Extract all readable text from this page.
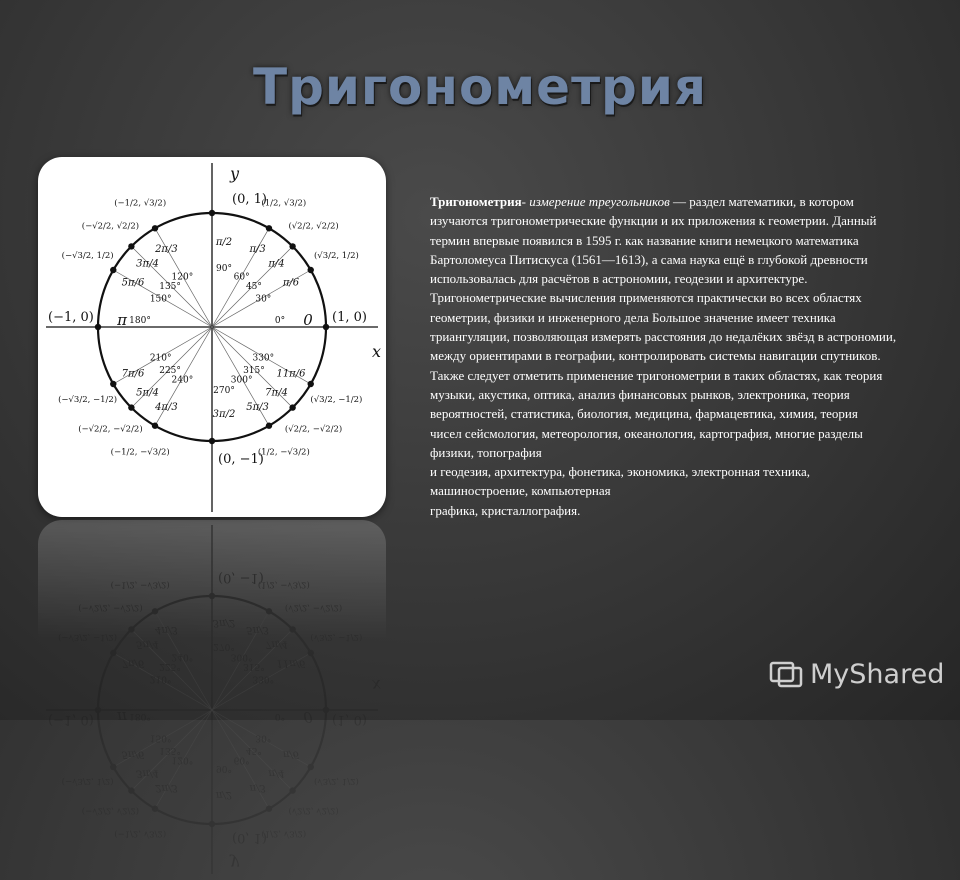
Тригонометрия
x
y
0° 0
30°
π/6
(√3/2, 1/2)
45°
π/4
(√2/2, √2/2)
60°
π/3
(1/2, √3/2)
90°
π/2
120°
2π/3
(−1/2, √3/2)
135°
3π/4
(−√2/2, √2/2)
150°
5π/6
(−√3/2, 1/2)
180°
π
210°
7π/6
(−√3/2, −1/2)
225°
5π/4
(−√2/2, −√2/2)
240°
4π/3
(−1/2, −√3/2)
270°
3π/2
300°
5π/3
(1/2, −√3/2)
315°
7π/4
(√2/2, −√2/2)
330°
11π/6
(√3/2, −1/2)
(0, 1)
(−1, 0)	(1, 0)
(0, −1)
x
y
0° 0
30°
π/6
(√3/2, 1/2)
45°
π/4
(√2/2, √2/2)
60°
π/3
(1/2, √3/2)
90°
π/2
120°
2π/3
(−1/2, √3/2)
135°
3π/4
(−√2/2, √2/2)
150°
5π/6
(−√3/2, 1/2)
180°
π
210°
7π/6
(−√3/2, −1/2)
225°
5π/4
(−√2/2, −√2/2)
240°
4π/3
(−1/2, −√3/2)
270°
3π/2
300°
5π/3
(1/2, −√3/2)
315°
7π/4
(√2/2, −√2/2)
330°
11π/6
(√3/2, −1/2)
(0, 1)
(−1, 0)	(1, 0)
(0, −1)

Тригонометрия- измерение треугольников — раздел математики, в котором изучаются тригонометрические функции и их приложения к геометрии. Данный термин впервые появился в 1595 г. как название книги немецкого математика Бартоломеуса Питискуса (1561—1613), а сама наука ещё в глубокой древности использовалась для расчётов в астрономии, геодезии и архитектуре.

Тригонометрические вычисления применяются практически во всех областях геометрии, физики и инженерного дела Большое значение имеет техника триангуляции, позволяющая измерять расстояния до недалёких звёзд в астрономии, между ориентирами в географии, контролировать системы навигации спутников. Также следует отметить применение тригонометрии в таких областях, как теория музыки, акустика, оптика, анализ финансовых рынков, электроника, теория вероятностей, статистика, биология, медицина, фармацевтика, химия, теория

чисел сейсмология, метеорология, океанология, картография, многие разделы физики, топография

и геодезия, архитектура, фонетика, экономика, электронная техника, машиностроение, компьютерная

графика, кристаллография.

MyShared
